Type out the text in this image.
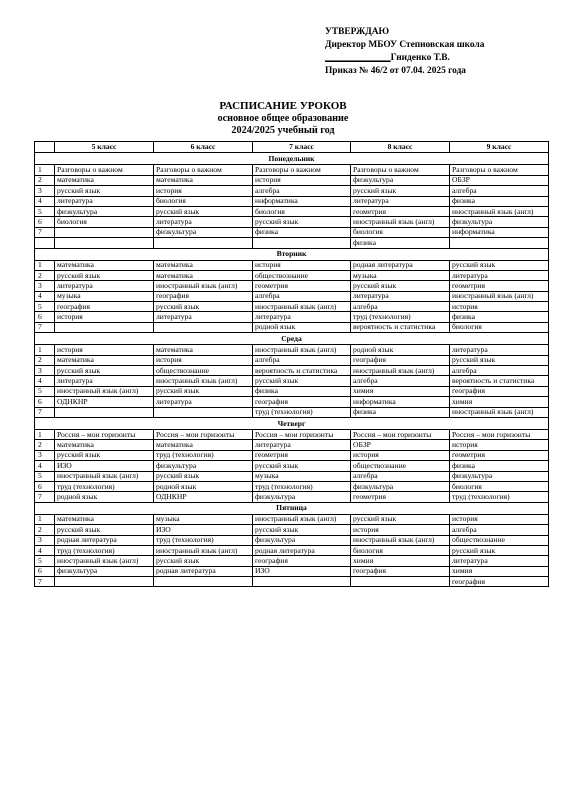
УТВЕРЖДАЮ
Директор МБОУ Степновская школа
______________Гниденко Т.В.
Приказ № 46/2 от 07.04. 2025 года
РАСПИСАНИЕ УРОКОВ
основное общее образование
2024/2025 учебный год
	5 класс	6 класс	7 класс	8 класс	9 класс
Понедельник					
1	Разговоры о важном	Разговоры о важном	Разговоры о важном	Разговоры о важном	Разговоры о важном
2	математика	математика	история	физкультура	ОБЗР
3	русский язык	история	алгебра	русский язык	алгебра
4	литература	биология	информатика	литература	физика
5	физкультура	русский язык	биология	геометрия	иностранный язык (англ)
6	биология	литература	русский язык	иностранный язык (англ)	физкультура
7		физкультура	физика	биология	информатика
				физика	
Вторник					
1	математика	математика	история	родная литература	русский язык
2	русский язык	математика	обществознание	музыка	литература
3	литература	иностранный язык (англ)	геометрия	русский язык	геометрия
4	музыка	география	алгебра	литература	иностранный язык (англ)
5	география	русский язык	иностранный язык (англ)	алгебра	история
6	история	литература	литература	труд (технология)	физика
7			родной язык	вероятность и статистика	биология
Среда					
1	история	математика	иностранный язык (англ)	родной язык	литература
2	математика	история	алгебра	география	русский язык
3	русский язык	обществознание	вероятность и статистика	иностранный язык (англ)	алгебра
4	литература	иностранный язык (англ)	русский язык	алгебра	вероятность и статистика
5	иностранный язык (англ)	русский язык	физика	химия	география
6	ОДНКНР	литература	география	информатика	химия
7			труд (технология)	физика	иностранный язык (англ)
Четверг					
1	Россия – мои горизонты	Россия – мои горизонты	Россия – мои горизонты	Россия – мои горизонты	Россия – мои горизонты
2	математика	математика	литература	ОБЗР	история
3	русский язык	труд (технология)	геометрия	история	геометрия
4	ИЗО	физкультура	русский язык	обществознание	физика
5	иностранный язык (англ)	русский язык	музыка	алгебра	физкультура
6	труд (технология)	родной язык	труд (технология)	физкультура	биология
7	родной язык	ОДНКНР	физкультура	геометрия	труд (технология)
Пятница					
1	математика	музыка	иностранный язык (англ)	русский язык	история
2	русский язык	ИЗО	русский язык	история	алгебра
3	родная литература	труд (технология)	физкультура	иностранный язык (англ)	обществознание
4	труд (технология)	иностранный язык (англ)	родная литература	биология	русский язык
5	иностранный язык (англ)	русский язык	география	химия	литература
6	физкультура	родная литература	ИЗО	география	химия
7					география
